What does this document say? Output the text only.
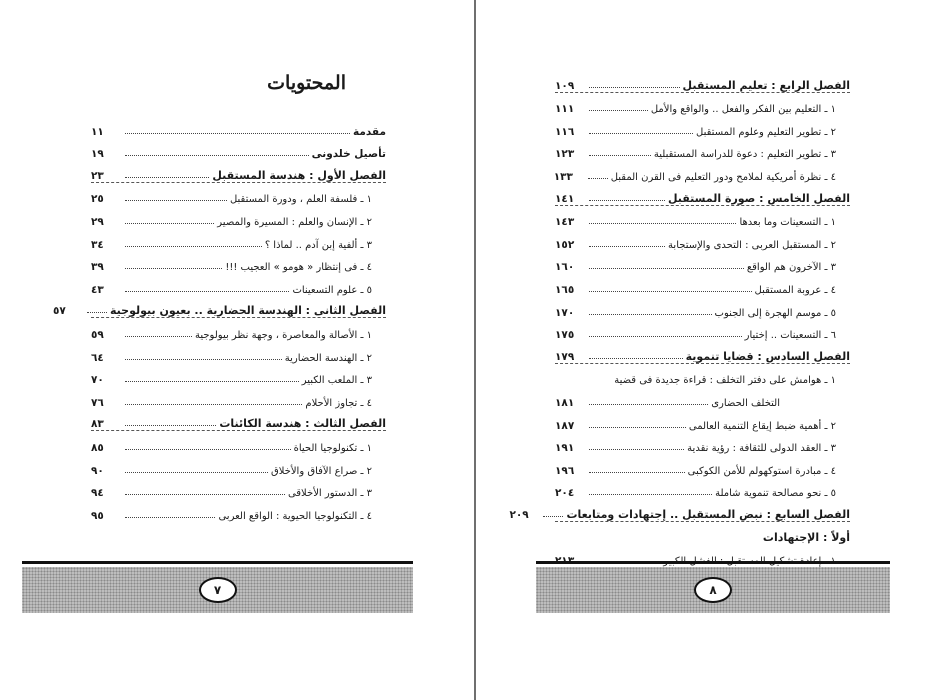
المحتويات
مقدمة
١١
تأصيل خلدونى
١٩
الفصل الأول : هندسة المستقبل
٢٣
١ ـ فلسفة العلم ، ودورة المستقبل
٢٥
٢ ـ الإنسان والعلم : المسيرة والمصير
٢٩
٣ ـ ألفية إبن آدم .. لماذا ؟
٣٤
٤ ـ فى إنتظار « هومو » العجيب !!!
٣٩
٥ ـ علوم التسعينات
٤٣
الفصل الثانى : الهندسة الحضارية .. بعيون بيولوجية
٥٧
١ ـ الأصالة والمعاصرة ، وجهة نظر بيولوجية
٥٩
٢ ـ الهندسة الحضارية
٦٤
٣ ـ الملعب الكبير
٧٠
٤ ـ تجاوز الأحلام
٧٦
الفصل الثالث : هندسة الكائنات
٨٣
١ ـ تكنولوجيا الحياة
٨٥
٢ ـ صراع الآفاق والأخلاق
٩٠
٣ ـ الدستور الأخلاقى
٩٤
٤ ـ التكنولوجيا الحيوية : الواقع العربى
٩٥
٧
الفصل الرابع : تعليم المستقبل
١٠٩
١ ـ التعليم بين الفكر والفعل .. والواقع والأمل
١١١
٢ ـ تطوير التعليم وعلوم المستقبل
١١٦
٣ ـ تطوير التعليم : دعوة للدراسة المستقبلية
١٢٣
٤ ـ نظرة أمريكية لملامح ودور التعليم فى القرن المقبل
١٣٣
الفصل الخامس : صورة المستقبل
١٤١
١ ـ التسعينات وما بعدها
١٤٣
٢ ـ المستقبل العربى : التحدى والإستجابة
١٥٢
٣ ـ الآخرون هم الواقع
١٦٠
٤ ـ عروبة المستقبل
١٦٥
٥ ـ موسم الهجرة إلى الجنوب
١٧٠
٦ ـ التسعينات .. إختيار
١٧٥
الفصل السادس : قضايا تنموية
١٧٩
١ ـ هوامش على دفتر التخلف : قراءة جديدة فى قضية
التخلف الحضارى
١٨١
٢ ـ أهمية ضبط إيقاع التنمية العالمى
١٨٧
٣ ـ العقد الدولى للثقافة : رؤية نقدية
١٩١
٤ ـ مبادرة استوكهولم للأمن الكوكبى
١٩٦
٥ ـ نحو مصالحة تنموية شاملة
٢٠٤
الفصل السابع : نبض المستقبل .. إجتهادات ومتابعات
٢٠٩
أولاً : الإجتهادات
٨
